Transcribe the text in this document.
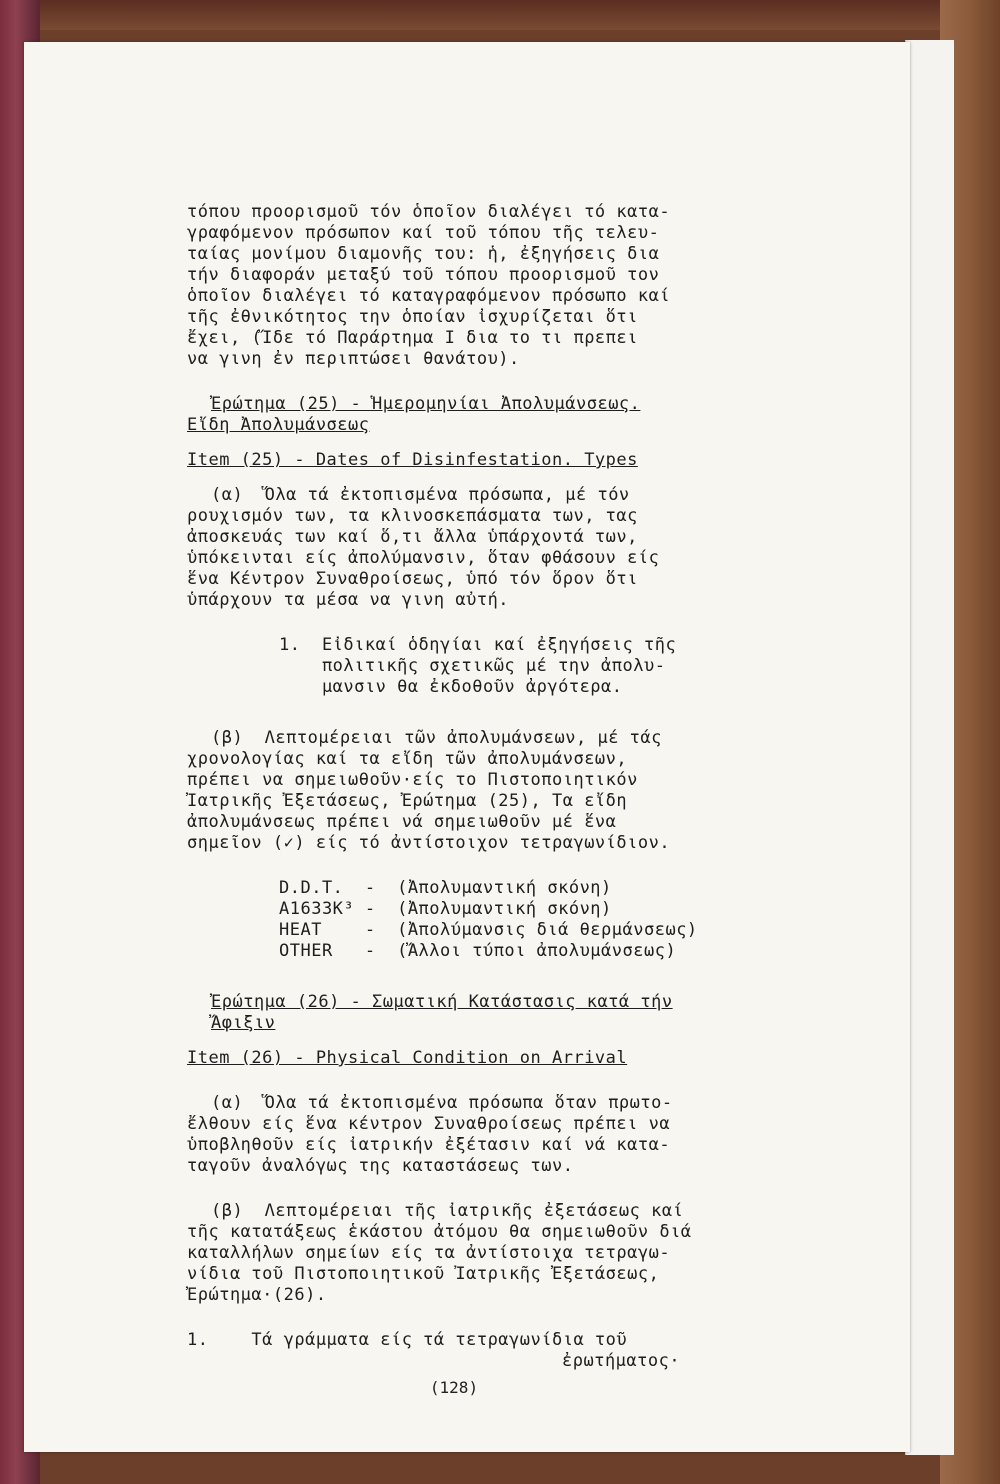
τόπου προορισμοῦ τόν ὁποῖον διαλέγει τό κατα-
γραφόμενον πρόσωπον καί τοῦ τόπου τῆς τελευ-
ταίας μονίμου διαμονῆς του: ἡ, ἐξηγήσεις δια
τήν διαφοράν μεταξύ τοῦ τόπου προορισμοῦ τον
ὁποῖον διαλέγει τό καταγραφόμενον πρόσωπο καί
τῆς ἐθνικότητος την ὁποίαν ἰσχυρίζεται ὅτι
ἔχει, (Ἴδε τό Παράρτημα I δια το τι πρεπει
να γινη ἐν περιπτώσει θανάτου).
Ἐρώτημα (25) - Ἡμερομηνίαι Ἀπολυμάνσεως.
Εἴδη Ἀπολυμάνσεως
Item (25) - Dates of Disinfestation. Types
(α)  Ὅλα τά ἐκτοπισμένα πρόσωπα, μέ τόν
ρουχισμόν των, τα κλινοσκεπάσματα των, τας
ἀποσκευάς των καί ὅ,τι ἄλλα ὑπάρχοντά των,
ὑπόκεινται είς ἀπολύμανσιν, ὅταν φθάσουν είς
ἕνα Κέντρον Συναθροίσεως, ὑπό τόν ὅρον ὅτι
ὑπάρχουν τα μέσα να γινη αὐτή.
1.  Εἰδικαί ὁδηγίαι καί ἐξηγήσεις τῆς
πολιτικῆς σχετικῶς μέ την ἀπολυ-
μανσιν θα ἐκδοθοῦν ἀργότερα.
(β)  Λεπτομέρειαι τῶν ἀπολυμάνσεων, μέ τάς
χρονολογίας καί τα εἴδη τῶν ἀπολυμάνσεων,
πρέπει να σημειωθοῦν·είς το Πιστοποιητικόν
Ἰατρικῆς Ἐξετάσεως, Ἐρώτημα (25), Τα εἴδη
ἀπολυμάνσεως πρέπει νά σημειωθοῦν μέ ἕνα
σημεῖον (✓) είς τό ἀντίστοιχον τετραγωνίδιον.
D.D.T.  -  (Ἀπολυμαντική σκόνη)
A1633K³ -  (Ἀπολυμαντική σκόνη)
HEAT    -  (Ἀπολύμανσις διά θερμάνσεως)
OTHER   -  (Ἄλλοι τύποι ἀπολυμάνσεως)
Ἐρώτημα (26) - Σωματική Κατάστασις κατά τήν
Ἄφιξιν
Item (26) - Physical Condition on Arrival
(α)  Ὅλα τά ἐκτοπισμένα πρόσωπα ὅταν πρωτο-
ἔλθουν είς ἕνα κέντρον Συναθροίσεως πρέπει να
ὑποβληθοῦν είς ἰατρικήν ἐξέτασιν καί νά κατα-
ταγοῦν ἀναλόγως της καταστάσεως των.
(β)  Λεπτομέρειαι τῆς ἰατρικῆς ἐξετάσεως καί
τῆς κατατάξεως ἑκάστου ἀτόμου θα σημειωθοῦν διά
καταλλήλων σημείων είς τα ἀντίστοιχα τετραγω-
νίδια τοῦ Πιστοποιητικοῦ Ἰατρικῆς Ἐξετάσεως,
Ἐρώτημα·(26).
1.    Τά γράμματα είς τά τετραγωνίδια τοῦ
ἐρωτήματος·
(128)
